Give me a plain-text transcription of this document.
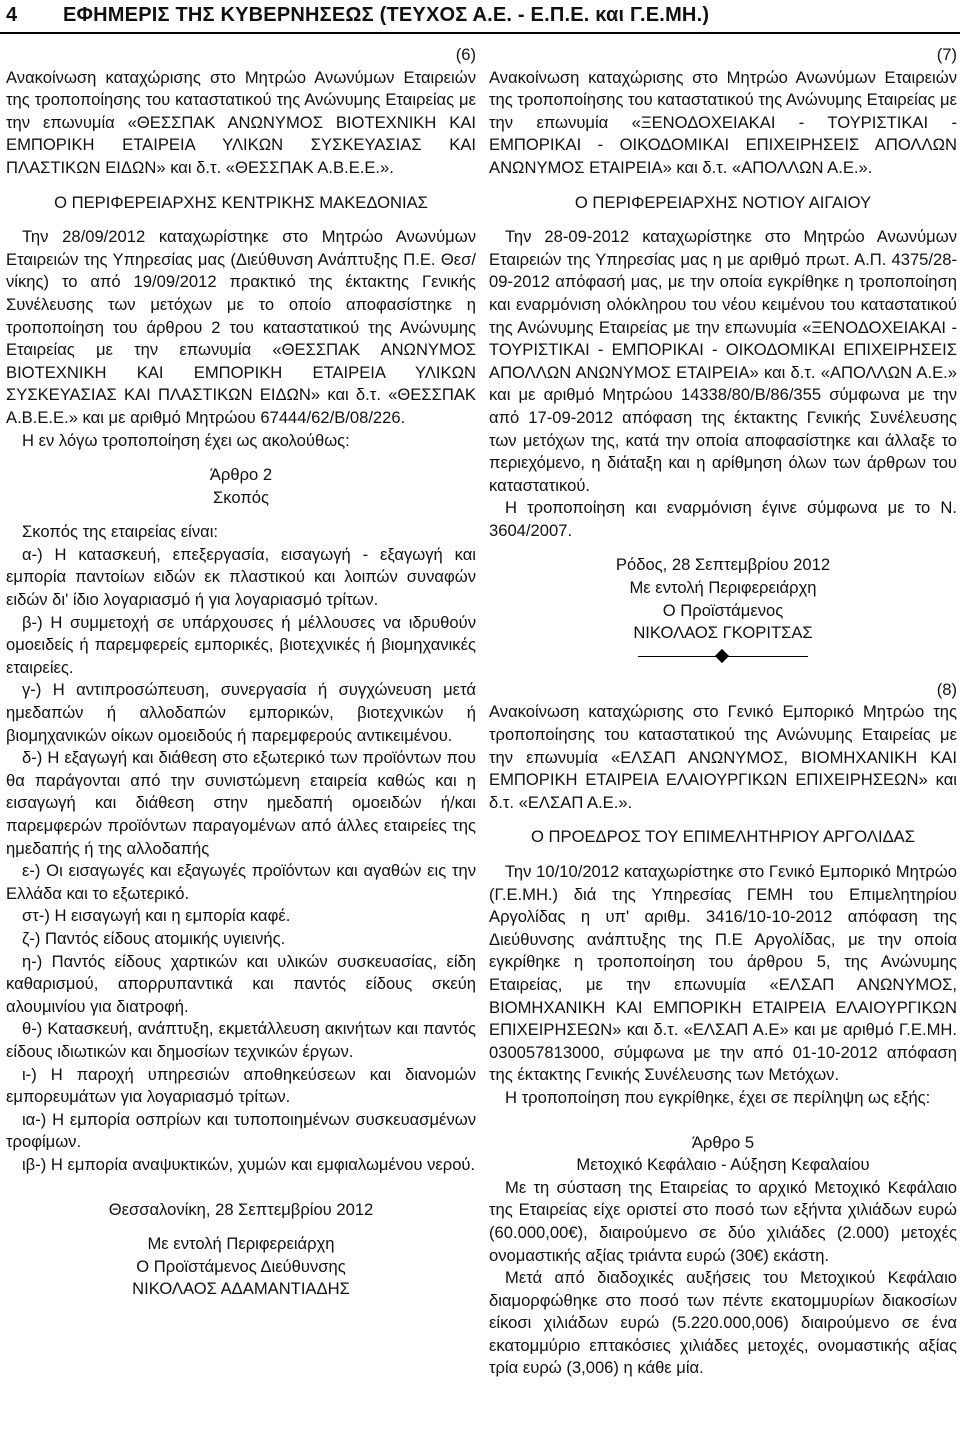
4 ΕΦΗΜΕΡΙΣ ΤΗΣ ΚΥΒΕΡΝΗΣΕΩΣ (ΤΕΥΧΟΣ Α.Ε. - Ε.Π.Ε. και Γ.Ε.ΜΗ.)

(6)

Ανακοίνωση καταχώρισης στο Μητρώο Ανωνύμων Εταιρειών της τροποποίησης του καταστατικού της Ανώνυμης Εταιρείας με την επωνυμία «ΘΕΣΣΠΑΚ ΑΝΩΝΥΜΟΣ ΒΙΟΤΕΧΝΙΚΗ ΚΑΙ ΕΜΠΟΡΙΚΗ ΕΤΑΙΡΕΙΑ ΥΛΙΚΩΝ ΣΥΣΚΕΥΑΣΙΑΣ ΚΑΙ ΠΛΑΣΤΙΚΩΝ ΕΙΔΩΝ» και δ.τ. «ΘΕΣΣΠΑΚ Α.Β.Ε.Ε.».

Ο ΠΕΡΙΦΕΡΕΙΑΡΧΗΣ ΚΕΝΤΡΙΚΗΣ ΜΑΚΕΔΟΝΙΑΣ

Την 28/09/2012 καταχωρίστηκε στο Μητρώο Ανωνύμων Εταιρειών της Υπηρεσίας μας (Διεύθυνση Ανάπτυξης Π.Ε. Θεσ/νίκης) το από 19/09/2012 πρακτικό της έκτακτης Γενικής Συνέλευσης των μετόχων με το οποίο αποφασίστηκε η τροποποίηση του άρθρου 2 του καταστατικού της Ανώνυμης Εταιρείας με την επωνυμία «ΘΕΣΣΠΑΚ ΑΝΩΝΥΜΟΣ ΒΙΟΤΕΧΝΙΚΗ ΚΑΙ ΕΜΠΟΡΙΚΗ ΕΤΑΙΡΕΙΑ ΥΛΙΚΩΝ ΣΥΣΚΕΥΑΣΙΑΣ ΚΑΙ ΠΛΑΣΤΙΚΩΝ ΕΙΔΩΝ» και δ.τ. «ΘΕΣΣΠΑΚ Α.Β.Ε.Ε.» και με αριθμό Μητρώου 67444/62/Β/08/226.

Η εν λόγω τροποποίηση έχει ως ακολούθως:

Άρθρο 2

Σκοπός

Σκοπός της εταιρείας είναι:

α-) Η κατασκευή, επεξεργασία, εισαγωγή - εξαγωγή και εμπορία παντοίων ειδών εκ πλαστικού και λοιπών συναφών ειδών δι' ίδιο λογαριασμό ή για λογαριασμό τρίτων.

β-) Η συμμετοχή σε υπάρχουσες ή μέλλουσες να ιδρυθούν ομοειδείς ή παρεμφερείς εμπορικές, βιοτεχνικές ή βιομηχανικές εταιρείες.

γ-) Η αντιπροσώπευση, συνεργασία ή συγχώνευση μετά ημεδαπών ή αλλοδαπών εμπορικών, βιοτεχνικών ή βιομηχανικών οίκων ομοειδούς ή παρεμφερούς αντικειμένου.

δ-) Η εξαγωγή και διάθεση στο εξωτερικό των προϊόντων που θα παράγονται από την συνιστώμενη εταιρεία καθώς και η εισαγωγή και διάθεση στην ημεδαπή ομοειδών ή/και παρεμφερών προϊόντων παραγομένων από άλλες εταιρείες της ημεδαπής ή της αλλοδαπής

ε-) Οι εισαγωγές και εξαγωγές προϊόντων και αγαθών εις την Ελλάδα και το εξωτερικό.

στ-) Η εισαγωγή και η εμπορία καφέ.

ζ-) Παντός είδους ατομικής υγιεινής.

η-) Παντός είδους χαρτικών και υλικών συσκευασίας, είδη καθαρισμού, απορρυπαντικά και παντός είδους σκεύη αλουμινίου για διατροφή.

θ-) Κατασκευή, ανάπτυξη, εκμετάλλευση ακινήτων και παντός είδους ιδιωτικών και δημοσίων τεχνικών έργων.

ι-) Η παροχή υπηρεσιών αποθηκεύσεων και διανομών εμπορευμάτων για λογαριασμό τρίτων.

ια-) Η εμπορία οσπρίων και τυποποιημένων συσκευασμένων τροφίμων.

ιβ-) Η εμπορία αναψυκτικών, χυμών και εμφιαλωμένου νερού.

Θεσσαλονίκη, 28 Σεπτεμβρίου 2012

Με εντολή Περιφερειάρχη

Ο Προϊστάμενος Διεύθυνσης

ΝΙΚΟΛΑΟΣ ΑΔΑΜΑΝΤΙΑΔΗΣ

(7)

Ανακοίνωση καταχώρισης στο Μητρώο Ανωνύμων Εταιρειών της τροποποίησης του καταστατικού της Ανώνυμης Εταιρείας με την επωνυμία «ΞΕΝΟΔΟΧΕΙΑΚΑΙ - ΤΟΥΡΙΣΤΙΚΑΙ - ΕΜΠΟΡΙΚΑΙ - ΟΙΚΟΔΟΜΙΚΑΙ ΕΠΙΧΕΙΡΗΣΕΙΣ ΑΠΟΛΛΩΝ ΑΝΩΝΥΜΟΣ ΕΤΑΙΡΕΙΑ» και δ.τ. «ΑΠΟΛΛΩΝ Α.Ε.».

Ο ΠΕΡΙΦΕΡΕΙΑΡΧΗΣ ΝΟΤΙΟΥ ΑΙΓΑΙΟΥ

Την 28-09-2012 καταχωρίστηκε στο Μητρώο Ανωνύμων Εταιρειών της Υπηρεσίας μας η με αριθμό πρωτ. Α.Π. 4375/28-09-2012 απόφασή μας, με την οποία εγκρίθηκε η τροποποίηση και εναρμόνιση ολόκληρου του νέου κειμένου του καταστατικού της Ανώνυμης Εταιρείας με την επωνυμία «ΞΕΝΟΔΟΧΕΙΑΚΑΙ - ΤΟΥΡΙΣΤΙΚΑΙ - ΕΜΠΟΡΙΚΑΙ - ΟΙΚΟΔΟΜΙΚΑΙ ΕΠΙΧΕΙΡΗΣΕΙΣ ΑΠΟΛΛΩΝ ΑΝΩΝΥΜΟΣ ΕΤΑΙΡΕΙΑ» και δ.τ. «ΑΠΟΛΛΩΝ Α.Ε.» και με αριθμό Μητρώου 14338/80/Β/86/355 σύμφωνα με την από 17-09-2012 απόφαση της έκτακτης Γενικής Συνέλευσης των μετόχων της, κατά την οποία αποφασίστηκε και άλλαξε το περιεχόμενο, η διάταξη και η αρίθμηση όλων των άρθρων του καταστατικού.

Η τροποποίηση και εναρμόνιση έγινε σύμφωνα με το Ν. 3604/2007.

Ρόδος, 28 Σεπτεμβρίου 2012

Με εντολή Περιφερειάρχη

Ο Προϊστάμενος

ΝΙΚΟΛΑΟΣ ΓΚΟΡΙΤΣΑΣ

(8)

Ανακοίνωση καταχώρισης στο Γενικό Εμπορικό Μητρώο της τροποποίησης του καταστατικού της Ανώνυμης Εταιρείας με την επωνυμία «ΕΛΣΑΠ ΑΝΩΝΥΜΟΣ, ΒΙΟΜΗΧΑΝΙΚΗ ΚΑΙ ΕΜΠΟΡΙΚΗ ΕΤΑΙΡΕΙΑ ΕΛΑΙΟΥΡΓΙΚΩΝ ΕΠΙΧΕΙΡΗΣΕΩΝ» και δ.τ. «ΕΛΣΑΠ Α.Ε.».

Ο ΠΡΟΕΔΡΟΣ ΤΟΥ ΕΠΙΜΕΛΗΤΗΡΙΟΥ ΑΡΓΟΛΙΔΑΣ

Την 10/10/2012 καταχωρίστηκε στο Γενικό Εμπορικό Μητρώο (Γ.Ε.ΜΗ.) διά της Υπηρεσίας ΓΕΜΗ του Επιμελητηρίου Αργολίδας η υπ' αριθμ. 3416/10-10-2012 απόφαση της Διεύθυνσης ανάπτυξης της Π.Ε Αργολίδας, με την οποία εγκρίθηκε η τροποποίηση του άρθρου 5, της Ανώνυμης Εταιρείας, με την επωνυμία «ΕΛΣΑΠ ΑΝΩΝΥΜΟΣ, ΒΙΟΜΗΧΑΝΙΚΗ ΚΑΙ ΕΜΠΟΡΙΚΗ ΕΤΑΙΡΕΙΑ ΕΛΑΙΟΥΡΓΙΚΩΝ ΕΠΙΧΕΙΡΗΣΕΩΝ» και δ.τ. «ΕΛΣΑΠ Α.Ε» και με αριθμό Γ.Ε.ΜΗ. 030057813000, σύμφωνα με την από 01-10-2012 απόφαση της έκτακτης Γενικής Συνέλευσης των Μετόχων.

Η τροποποίηση που εγκρίθηκε, έχει σε περίληψη ως εξής:

Άρθρο 5

Μετοχικό Κεφάλαιο - Αύξηση Κεφαλαίου

Με τη σύσταση της Εταιρείας το αρχικό Μετοχικό Κεφάλαιο της Εταιρείας είχε οριστεί στο ποσό των εξήντα χιλιάδων ευρώ (60.000,00€), διαιρούμενο σε δύο χιλιάδες (2.000) μετοχές ονομαστικής αξίας τριάντα ευρώ (30€) εκάστη.

Μετά από διαδοχικές αυξήσεις του Μετοχικού Κεφάλαιο διαμορφώθηκε στο ποσό των πέντε εκατομμυρίων διακοσίων είκοσι χιλιάδων ευρώ (5.220.000,006) διαιρούμενο σε ένα εκατομμύριο επτακόσιες χιλιάδες μετοχές, ονομαστικής αξίας τρία ευρώ (3,006) η κάθε μία.
